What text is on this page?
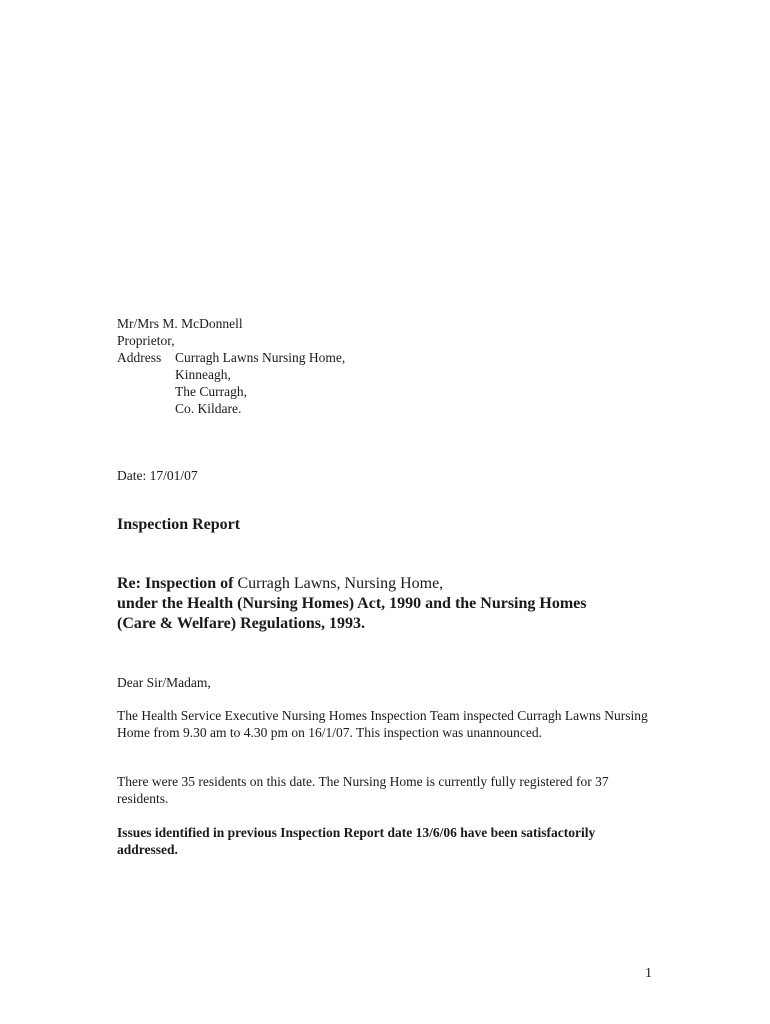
Mr/Mrs M. McDonnell
Proprietor,
Address Curragh Lawns Nursing Home,
Kinneagh,
The Curragh,
Co. Kildare.
Date: 17/01/07
Inspection Report
Re: Inspection of Curragh Lawns, Nursing Home,
under the Health (Nursing Homes) Act, 1990 and the Nursing Homes
(Care & Welfare) Regulations, 1993.
Dear Sir/Madam,
The Health Service Executive Nursing Homes Inspection Team inspected Curragh Lawns Nursing Home from 9.30 am to 4.30 pm on 16/1/07. This inspection was unannounced.
There were 35 residents on this date. The Nursing Home is currently fully registered for 37 residents.
Issues identified in previous Inspection Report date 13/6/06 have been satisfactorily addressed.
1
